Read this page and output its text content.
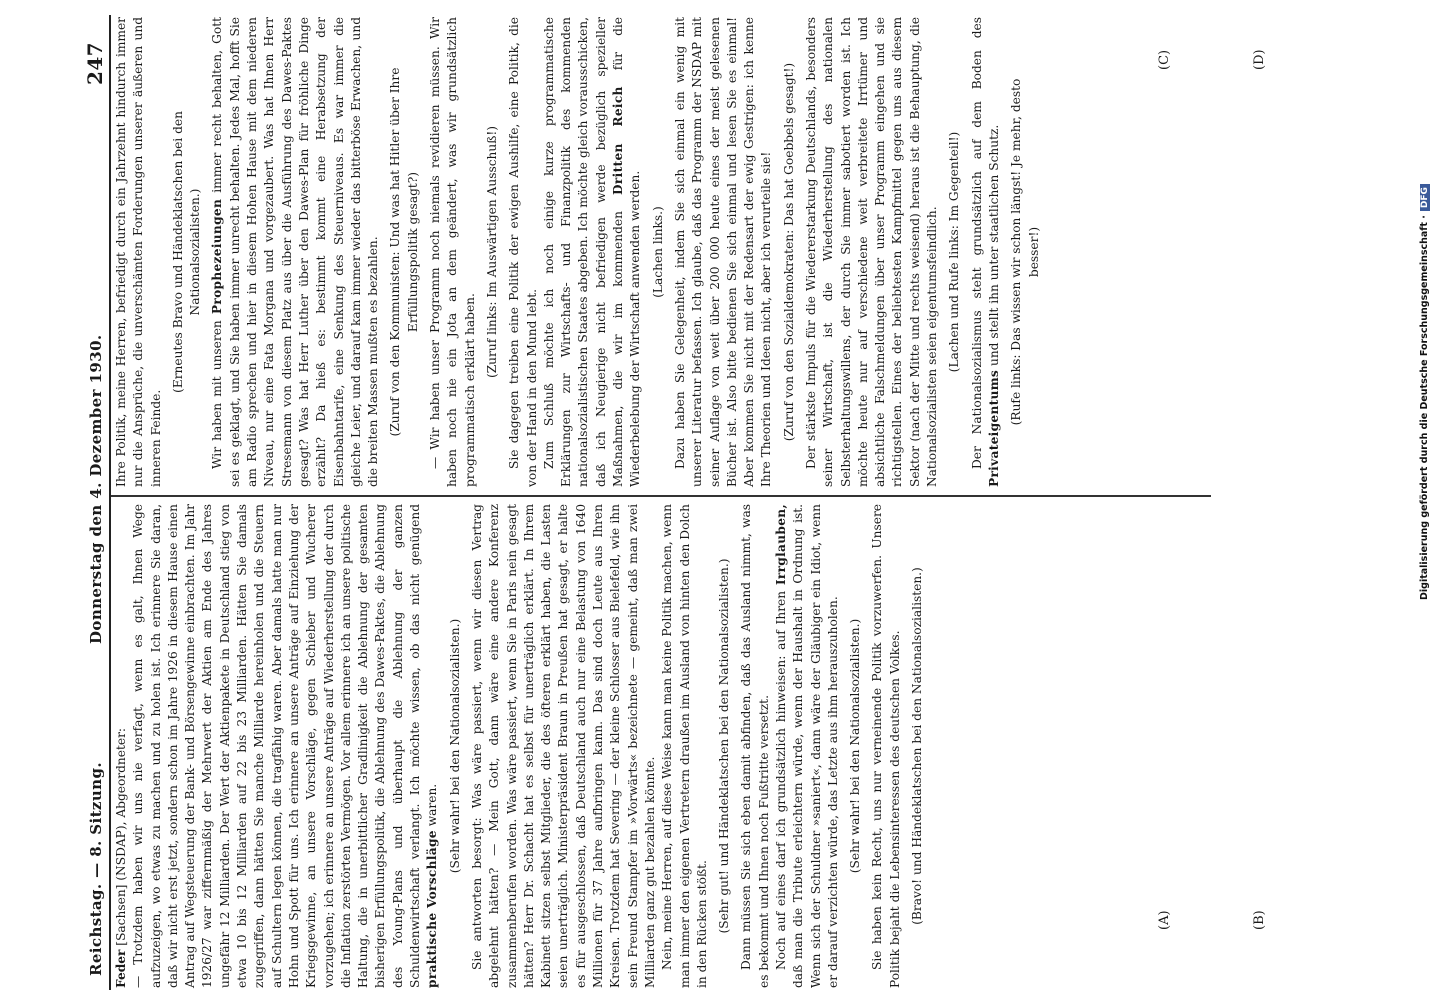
Reichstag. — 8. Sitzung.
Donnerstag den 4. Dezember 1930.
247

Feder [Sachsen] (NSDAP), Abgeordneter: — Trotzdem haben wir uns nie verfagt, wenn es galt, Ihnen Wege aufzuzeigen, wo etwas zu machen und zu holen ist. Ich erinnere Sie daran, daß wir nicht erst jetzt, sondern schon im Jahre 1926 in diesem Hause einen Antrag auf Wegsteuerung der Bank- und Börsengewinne einbrachten. Im Jahr 1926/27 war ziffernmäßig der Mehrwert der Aktien am Ende des Jahres ungefähr 12 Milliarden. Der Wert der Aktienpakete in Deutschland stieg von etwa 10 bis 12 Milliarden auf 22 bis 23 Milliarden. Hätten Sie damals zugegriffen, dann hätten Sie manche Milliarde hereinholen und die Steuern auf Schultern legen können, die tragfähig waren. Aber damals hatte man nur Hohn und Spott für uns. Ich erinnere an unsere Anträge auf Einziehung der Kriegsgewinne, an unsere Vorschläge, gegen Schieber und Wucherer vorzugehen; ich erinnere an unsere Anträge auf Wiederherstellung der durch die Inflation zerstörten Vermögen. Vor allem erinnere ich an unsere politische Haltung, die in unerbittlicher Gradlinigkeit die Ablehnung der gesamten bisherigen Erfüllungspolitik, die Ablehnung des Dawes-Paktes, die Ablehnung des Young-Plans und überhaupt die Ablehnung der ganzen Schuldenwirtschaft verlangt. Ich möchte wissen, ob das nicht genügend praktische Vorschläge waren. (Sehr wahr! bei den Nationalsozialisten.) Sie antworten besorgt: Was wäre passiert, wenn wir diesen Vertrag abgelehnt hätten? — Mein Gott, dann wäre eine andere Konferenz zusammenberufen worden. Was wäre passiert, wenn Sie in Paris nein gesagt hätten? Herr Dr. Schacht hat es selbst für unerträglich erklärt. In Ihrem Kabinett sitzen selbst Mitglieder, die des öfteren erklärt haben, die Lasten seien unerträglich. Ministerpräsident Braun in Preußen hat gesagt, er halte es für ausgeschlossen, daß Deutschland auch nur eine Belastung von 1640 Millionen für 37 Jahre aufbringen kann. Das sind doch Leute aus Ihren Kreisen. Trotzdem hat Severing — der kleine Schlosser aus Bielefeld, wie ihn sein Freund Stampfer im »Vorwärts« bezeichnete — gemeint, daß man zwei Milliarden ganz gut bezahlen könnte. Nein, meine Herren, auf diese Weise kann man keine Politik machen, wenn man immer den eigenen Vertretern draußen im Ausland von hinten den Dolch in den Rücken stößt. (Sehr gut! und Händeklatschen bei den Nationalsozialisten.) Dann müssen Sie sich eben damit abfinden, daß das Ausland nimmt, was es bekommt und Ihnen noch Fußtritte versetzt. Noch auf eines darf ich grundsätzlich hinweisen: auf Ihren Irrglauben, daß man die Tribute erleichtern würde, wenn der Haushalt in Ordnung ist. Wenn sich der Schuldner »saniert«, dann wäre der Gläubiger ein Idiot, wenn er darauf verzichten würde, das Letzte aus ihm herauszuholen. (Sehr wahr! bei den Nationalsozialisten.) Sie haben kein Recht, uns nur verneinende Politik vorzuwerfen. Unsere Politik bejaht die Lebensinteressen des deutschen Volkes. (Bravo! und Händeklatschen bei den Nationalsozialisten.)

Ihre Politik, meine Herren, befriedigt durch ein Jahrzehnt hindurch immer nur die Ansprüche, die unverschämten Forderungen unserer äußeren und inneren Feinde.

(Erneutes Bravo und Händeklatschen bei den Nationalsozialisten.)

Wir haben mit unseren Prophezeiungen immer recht behalten, Gott sei es geklagt, und Sie haben immer unrecht behalten. Jedes Mal, hofft Sie am Radio sprechen und hier in diesem Hohen Hause mit dem niederen Niveau, nur eine Fata Morgana und vorgezaubert. Was hat Ihnen Herr Stresemann von diesem Platz aus über die Ausführung des Dawes-Paktes gesagt? Was hat Herr Luther über den Dawes-Plan für fröhliche Dinge erzählt? Da hieß es: bestimmt kommt eine Herabsetzung der Eisenbahntarife, eine Senkung des Steuerniveaus. Es war immer die gleiche Leier, und darauf kam immer wieder das bitterböse Erwachen, und die breiten Massen mußten es bezahlen. (Zuruf von den Kommunisten: Und was hat Hitler über Ihre Erfüllungspolitik gesagt?) — Wir haben unser Programm noch niemals revidieren müssen. Wir haben noch nie ein Jota an dem geändert, was wir grundsätzlich programmatisch erklärt haben.

(Zuruf links: Im Auswärtigen Ausschuß!) Sie dagegen treiben eine Politik der ewigen Aushilfe, eine Politik, die von der Hand in den Mund lebt. Zum Schluß möchte ich noch einige kurze programmatische Erklärungen zur Wirtschafts- und Finanzpolitik des kommenden nationalsozialistischen Staates abgeben. Ich möchte gleich vorausschicken, daß ich Neugierige nicht befriedigen werde bezüglich spezieller Maßnahmen, die wir im kommenden Dritten Reich für die Wiederbelebung der Wirtschaft anwenden werden. (Lachen links.) Dazu haben Sie Gelegenheit, indem Sie sich einmal ein wenig mit unserer Literatur befassen. Ich glaube, daß das Programm der NSDAP mit seiner Auflage von weit über 200 000 heute eines der meist gelesenen Bücher ist. Also bitte bedienen Sie sich einmal und lesen Sie es einmal! Aber kommen Sie nicht mit der Redensart der ewig Gestrigen: ich kenne Ihre Theorien und Ideen nicht, aber ich verurteile sie! (Zuruf von den Sozialdemokraten: Das hat Goebbels gesagt!) Der stärkste Impuls für die Wiedererstarkung Deutschlands, besonders seiner Wirtschaft, ist die Wiederherstellung des nationalen Selbsterhaltungswillens, der durch Sie immer sabotiert worden ist. Ich möchte heute nur auf verschiedene weit verbreitete Irrtümer und absichtliche Falschmeldungen über unser Programm eingehen und sie richtigstellen. Eines der beliebtesten Kampfmittel gegen uns aus diesem Sektor (nach der Mitte und rechts weisend) heraus ist die Behauptung, die Nationalsozialisten seien eigentumsfeindlich. (Lachen und Rufe links: Im Gegenteil!) Der Nationalsozialismus steht grundsätzlich auf dem Boden des Privateigentums und stellt ihn unter staatlichen Schutz. (Rufe links: Das wissen wir schon längst! Je mehr, desto besser!)

(A)	(B)
(C)	(D)
Digitalisierung gefördert durch die Deutsche Forschungsgemeinschaft ·DFG
